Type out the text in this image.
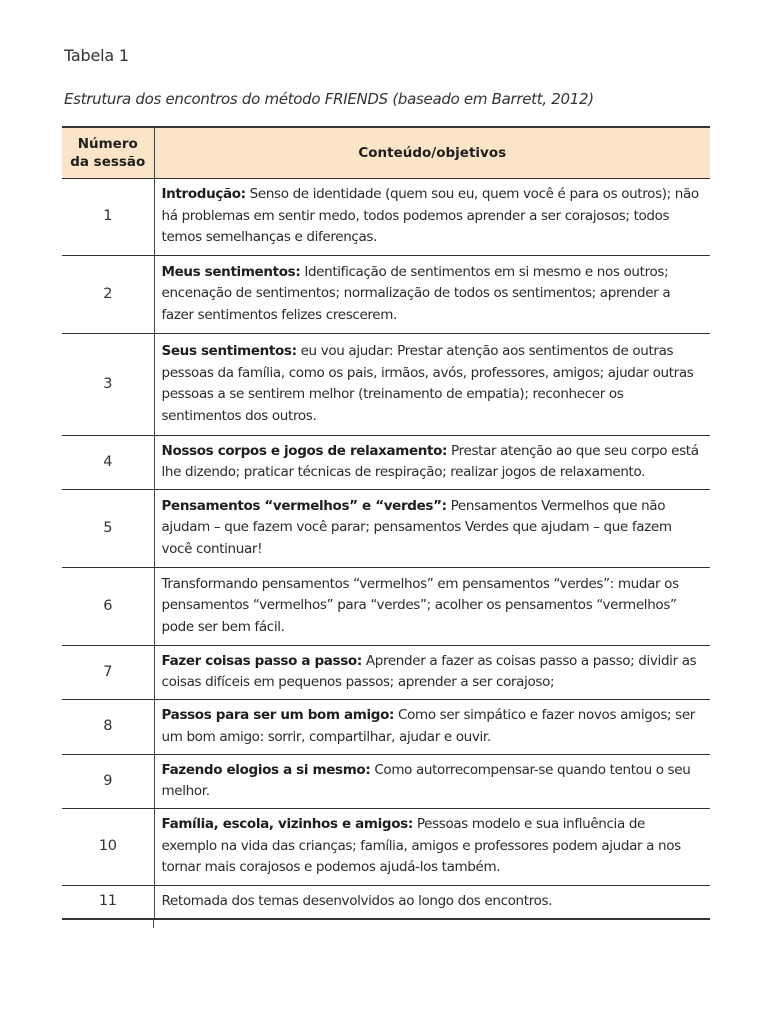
Tabela 1
Estrutura dos encontros do método FRIENDS (baseado em Barrett, 2012)
Número da sessão	Conteúdo/objetivos
1	Introdução: Senso de identidade (quem sou eu, quem você é para os outros); não há problemas em sentir medo, todos podemos aprender a ser corajosos; todos temos semelhanças e diferenças.
2	Meus sentimentos: Identificação de sentimentos em si mesmo e nos outros; encenação de sentimentos; normalização de todos os sentimentos; aprender a fazer sentimentos felizes crescerem.
3	Seus sentimentos: eu vou ajudar: Prestar atenção aos sentimentos de outras pessoas da família, como os pais, irmãos, avós, professores, amigos; ajudar outras pessoas a se sentirem melhor (treinamento de empatia); reconhecer os sentimentos dos outros.
4	Nossos corpos e jogos de relaxamento: Prestar atenção ao que seu corpo está lhe dizendo; praticar técnicas de respiração; realizar jogos de relaxamento.
5	Pensamentos “vermelhos” e “verdes”: Pensamentos Vermelhos que não ajudam – que fazem você parar; pensamentos Verdes que ajudam – que fazem você continuar!
6	Transformando pensamentos “vermelhos” em pensamentos “verdes”: mudar os pensamentos “vermelhos” para “verdes”; acolher os pensamentos “vermelhos” pode ser bem fácil.
7	Fazer coisas passo a passo: Aprender a fazer as coisas passo a passo; dividir as coisas difíceis em pequenos passos; aprender a ser corajoso;
8	Passos para ser um bom amigo: Como ser simpático e fazer novos amigos; ser um bom amigo: sorrir, compartilhar, ajudar e ouvir.
9	Fazendo elogios a si mesmo: Como autorrecompensar-se quando tentou o seu melhor.
10	Família, escola, vizinhos e amigos: Pessoas modelo e sua influência de exemplo na vida das crianças; família, amigos e professores podem ajudar a nos tornar mais corajosos e podemos ajudá-los também.
11	Retomada dos temas desenvolvidos ao longo dos encontros.
